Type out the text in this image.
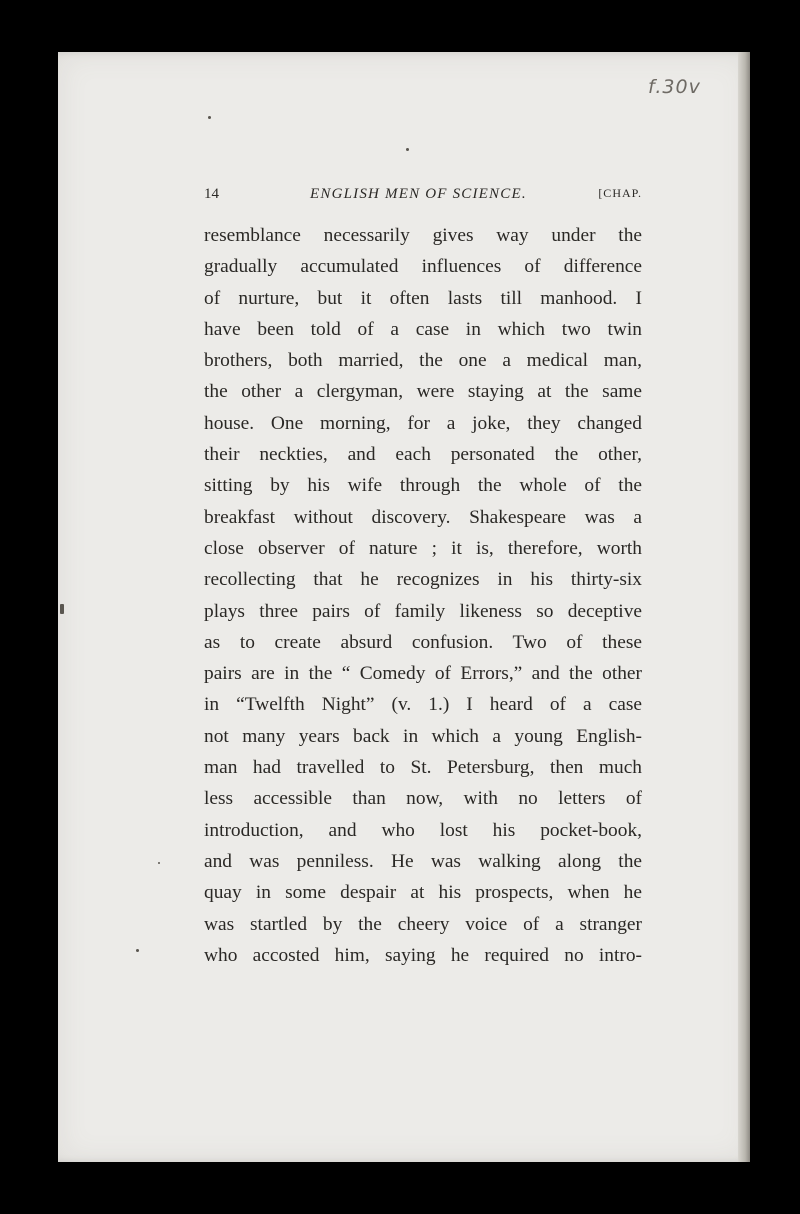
f.30v
14	ENGLISH MEN OF SCIENCE.	[CHAP.
resemblance necessarily gives way under the
gradually accumulated influences of difference
of nurture, but it often lasts till manhood. I
have been told of a case in which two twin
brothers, both married, the one a medical man,
the other a clergyman, were staying at the same
house. One morning, for a joke, they changed
their neckties, and each personated the other,
sitting by his wife through the whole of the
breakfast without discovery. Shakespeare was a
close observer of nature ; it is, therefore, worth
recollecting that he recognizes in his thirty-six
plays three pairs of family likeness so deceptive
as to create absurd confusion. Two of these
pairs are in the “ Comedy of Errors,” and the other
in “Twelfth Night” (v. 1.) I heard of a case
not many years back in which a young English-
man had travelled to St. Petersburg, then much
less accessible than now, with no letters of
introduction, and who lost his pocket-book,
and was penniless. He was walking along the
quay in some despair at his prospects, when he
was startled by the cheery voice of a stranger
who accosted him, saying he required no intro-
